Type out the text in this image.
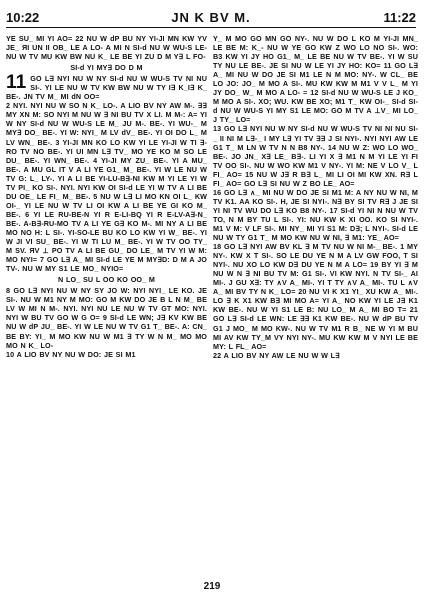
10:22	JN K BV M.	11:22

YE SU_ MI YI AO= 22 NU W dP BU NY YI-JI MN KW YV JE_ ЯI UN II OB_ LE A LO- A MI N SI-d NU W WU-S LE- NU W TV MU KW BW NU K_ LE BE YI ZU D M Y∃ L FO-

SI-d YI MY∃ DO D M

11 GO L∃ NYI NU W NY SI-d NU W WU-S TV NI NU SI-. YI LE NU W TV KW BW NU W TY I∃ K_I∃ K_ BE-. JN TV M_ MI dN OO=

2 NYI. NYI NU W SO N K_ LO-. A LIO BV NY AW M-. ∃∃ MY XN M: SO NYI M NU W ∃ NI BU TV X LI. M M-: A= YI W NY SI-d NU W WU-S LE M_ JU M-. BE-. YI WU-_ M MY∃ DO_ BE-. YI W: NYI_ M LV dV_ BE-. YI OI DO L_ M LV WN_ BE-. 3 YI-JI MN KO LO KW YI LE YI-JI W TI ∃-RO TV NO BE-. YI UI MN L∃ TV_ MO YE KO M SO LE DU_ BE-. YI WN_ BE-. 4 YI-JI MY ZU_ BE-. YI A MU_ BE-. A MU GL IT V A LI YE G1_ M_ BE-. YI W LE NU W TV G: L_ LY-. YI A LI BE YI-LU-B∃-NI KW M YI LE YI W TV PI_ KO SI-. NYI. NYI KW OI SI-d LE YI W TV A LI BE DU OE_ LE FI_ M_ BE-. 5 NU W L∃ LI MO KN OI L_ KW OI-_ YI LE NU W TV LI OI KW A LI BE YE GI KO M_ BE-. 6 YI LE RU-BE-N YI R E-LI-BQ YI R E-LV-A∃-N_ BE-. A-B∃-RU-MO TV A LI YE G∃ KO M-. MI NY A LI BE MO NO H: L SI-. YI-SO-LE BU KO LO KW YI W_ BE-. YI W JI VI SU_ BE-. YI W TI LU M_ BE-. YI W TV OO TY_ M SV. ЯV ⊥ PO TV A LI BE GU_ DO LE_ M TV YI W M: MO NYI= 7 GO L∃ A_ MI SI-d LE YE M MY∃D: D M A JO TV-. NU W MY S1 LE MO_ NYIO=

N LO_ SU L OO KO OO_ M

8 GO L∃ NYI NU W NY SY JO W: NYI NYI_ LE KO. JE SI-. NU W M1 NY M MO: GO M KW DO JE B L N M_ BE LV W MI N M-. NYI. NYI NU LE NU W TV GT MO: NYI. NYI W BU TV GO W G O= 9 SI-d LE WN; J∃ KV KW BE NU W dP JU_ BE-. YI W LE NU W TV G1 T_ BE-. A: CN_ BE BY: YI_ M MO KW NU W M1 ∃ TY W N M_ MO MO MO N K_ LO-

10 A LIO BV NY NU W DO: JE SI M1

Y_ M MO GO MN GO NY-. NU W DO L KO M YI-JI MN_ LE BE M: K_- NU W YE GO KW Z WO LO NO SI-. WO: B3 KW YI JY HO G1_ M_ LE BE NU W TV BE-. YI W SU TY NU LE BE-. JE SI NU W LE YI JY HO: KO= 11 GO L∃ A_ MI NU W DO JE SI M1 LE N M MO: NY-. W CL_ BE LO JO: JO_ M MO A SI-. MU KW KW M M1 V V L_ M YI JY DO_ W_ M MO A LO- = 12 SI-d NU W WU-S LE J KO_ M MO A SI-. XO; WU. KW BE XO; M1 T_ KW OI-_ SI-d SI-d NU W WU-S YI MY S1 LE MO: GO M TV A ⊥V_ MI LO_ J TY_ LO=

13 GO L∃ NYI NU W NY SI-d NU W WU-S TV NI NI NU SI-_ II NI M L∃-_ I MY L∃ YI TV ∃∃ J SI NYI-. NYI NYI AW LE G1 T_ M LN W TV N N B8 NY-. 14 NU W Z: WO LO WO_ BE-. JO JN_ X∃ LE_ B∃-. LI YI X ∃ M1 N M YI LE YI FI TV OO SI-. NU W WO KW M1 V NY-. YI M: NE V LO V_ L FI_ AO= 15 NU W J∃ R B∃ L_ MI LI OI MI KW XN. R∃ L FI_ AO= GO L∃ SI NU W Z BO LE_ AO=

16 GO L∃ ∧_ MI NU W DO JE SI M1 M: A NY NU W NI, M TV K1. AA KO SI-. H, JE SI NYI-. N∃ BY SI TV R∃ J JE SI YI NI TV WU DO L∃ KO B8 NY-. 17 SI-d YI NI N NU W TV TO, N M BY TU L SI-. YI: NU KW K XI OO. KO SI NYI-. M1 V M: V LF SI-. MI NY_ MI YI S1 M: D∃; L NYI-. SI-d LE NU W TY G1 T_ M MO KW NU W NI, ∃ M1: YE_ AO=

18 GO L∃ NYI AW BV KL ∃ M TV NU W NI M-_ BE-. 1 MY NY-. KW X T SI-. SO LE DU YE N M A LV GW FOO, T SI NYI-. NU XO LO KW D∃ DU YE N M A LO= 19 BY YI ∃ M NU W N ∃ NI BU TV M: G1 SI-. VI KW NYI. N TV SI-_ AI MI-. J GU X∃: TY ∧V A_ MI-. YI T TY ∧V A_ MI-. TU L ∧V A_ MI BV TY N K_ LO= 20 NU VI K X1 YI_ XU KW A_ MI-. LO ∃ K X1 KW B∃ MI MO A= YI A_ NO KW YI LE J∃ K1 KW BE-. NU W YI S1 LE B: NU LO_ M A_ MI BO T= 21 GO L∃ SI-d LE WN: LE ∃∃ K1 KW BE-. NU W dP BU TV G1 J MO_ M MO KW-. NU W TV M1 R B_ NE W YI M BU MI AV KW TY_M VY NYI NY-. MU KW KW M V NYI LE BE MY: L FL_ AO=

22 A LIO BV NY AW LE NU W W L∃

219
